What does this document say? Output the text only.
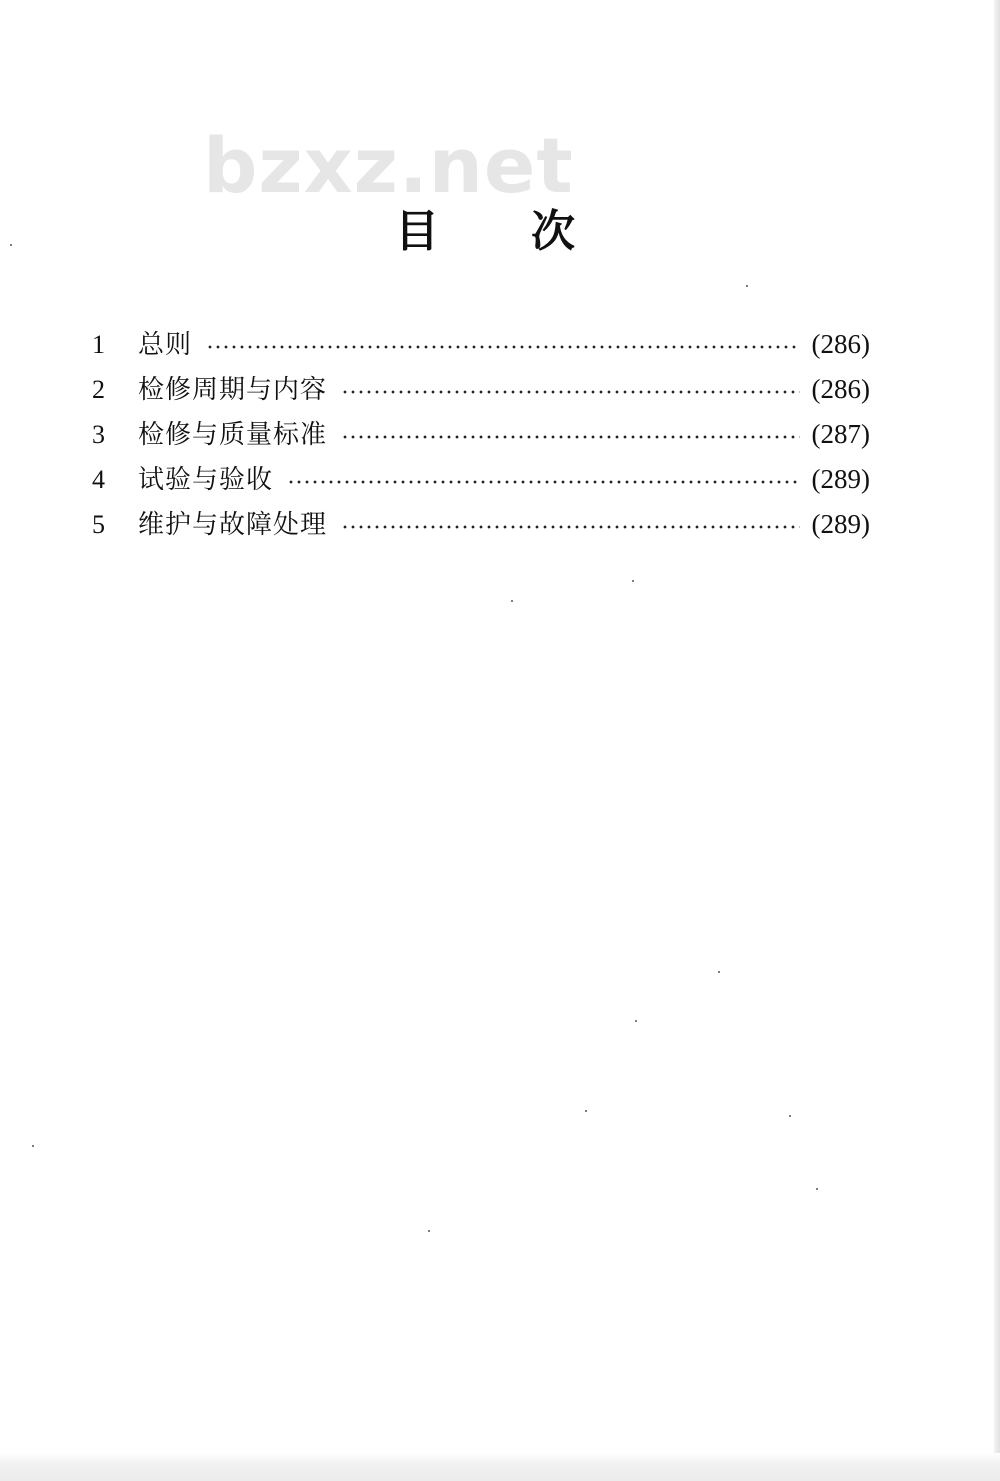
bzxz.net
目 次
1	总则	(286)
2	检修周期与内容	(286)
3	检修与质量标准	(287)
4	试验与验收	(289)
5	维护与故障处理	(289)
